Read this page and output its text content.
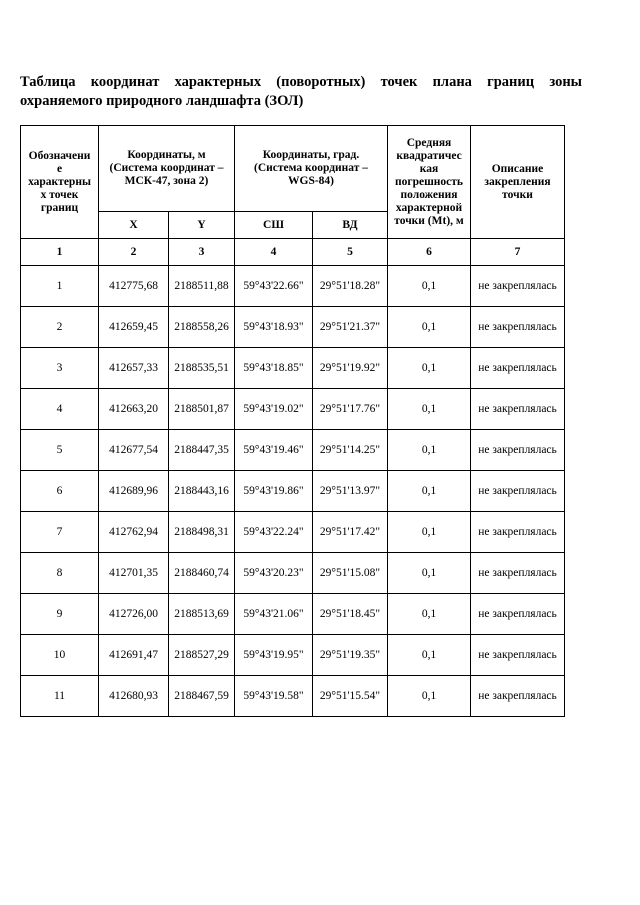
Таблица координат характерных (поворотных) точек плана границ зоны охраняемого природного ландшафта (ЗОЛ)
Обозначени е характерны х точек границ	Координаты, м (Система координат – МСК-47, зона 2)		Координаты, град. (Система координат – WGS-84)		Средняя квадратичес кая погрешность положения характерной точки (Mt), м	Описание закрепления точки
	X	Y	СШ	ВД		
1	2	3	4	5	6	7
1	412775,68	2188511,88	59°43'22.66"	29°51'18.28"	0,1	не закреплялась
2	412659,45	2188558,26	59°43'18.93"	29°51'21.37"	0,1	не закреплялась
3	412657,33	2188535,51	59°43'18.85"	29°51'19.92"	0,1	не закреплялась
4	412663,20	2188501,87	59°43'19.02"	29°51'17.76"	0,1	не закреплялась
5	412677,54	2188447,35	59°43'19.46"	29°51'14.25"	0,1	не закреплялась
6	412689,96	2188443,16	59°43'19.86"	29°51'13.97"	0,1	не закреплялась
7	412762,94	2188498,31	59°43'22.24"	29°51'17.42"	0,1	не закреплялась
8	412701,35	2188460,74	59°43'20.23"	29°51'15.08"	0,1	не закреплялась
9	412726,00	2188513,69	59°43'21.06"	29°51'18.45"	0,1	не закреплялась
10	412691,47	2188527,29	59°43'19.95"	29°51'19.35"	0,1	не закреплялась
11	412680,93	2188467,59	59°43'19.58"	29°51'15.54"	0,1	не закреплялась
